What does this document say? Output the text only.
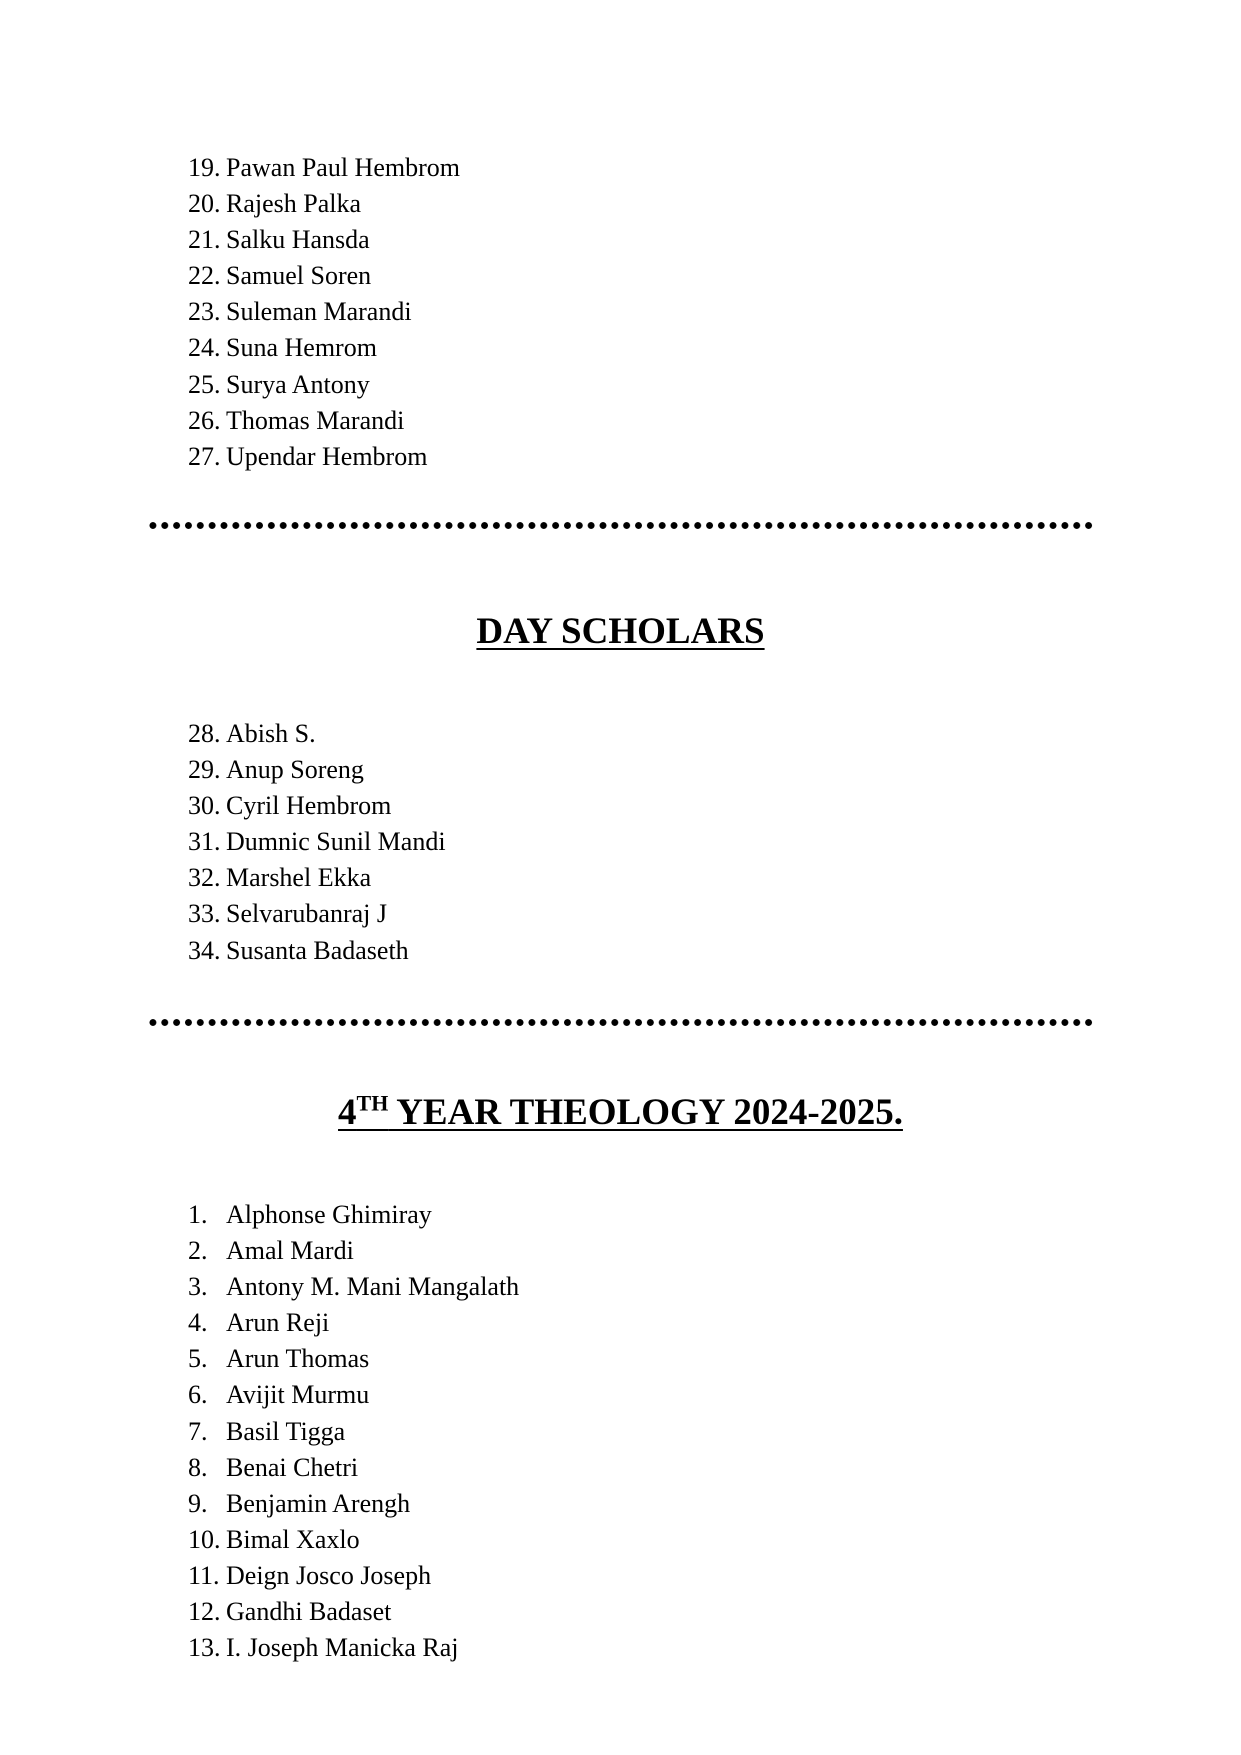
19. Pawan Paul Hembrom
20. Rajesh Palka
21. Salku Hansda
22. Samuel Soren
23. Suleman Marandi
24. Suna Hemrom
25. Surya Antony
26. Thomas Marandi
27. Upendar Hembrom
DAY SCHOLARS
28. Abish S.
29. Anup Soreng
30. Cyril Hembrom
31. Dumnic Sunil Mandi
32. Marshel Ekka
33. Selvarubanraj J
34. Susanta Badaseth
4TH YEAR THEOLOGY 2024-2025.
1. Alphonse Ghimiray
2. Amal Mardi
3. Antony M. Mani Mangalath
4. Arun Reji
5. Arun Thomas
6. Avijit Murmu
7. Basil Tigga
8. Benai Chetri
9. Benjamin Arengh
10. Bimal Xaxlo
11. Deign Josco Joseph
12. Gandhi Badaset
13. I. Joseph Manicka Raj
